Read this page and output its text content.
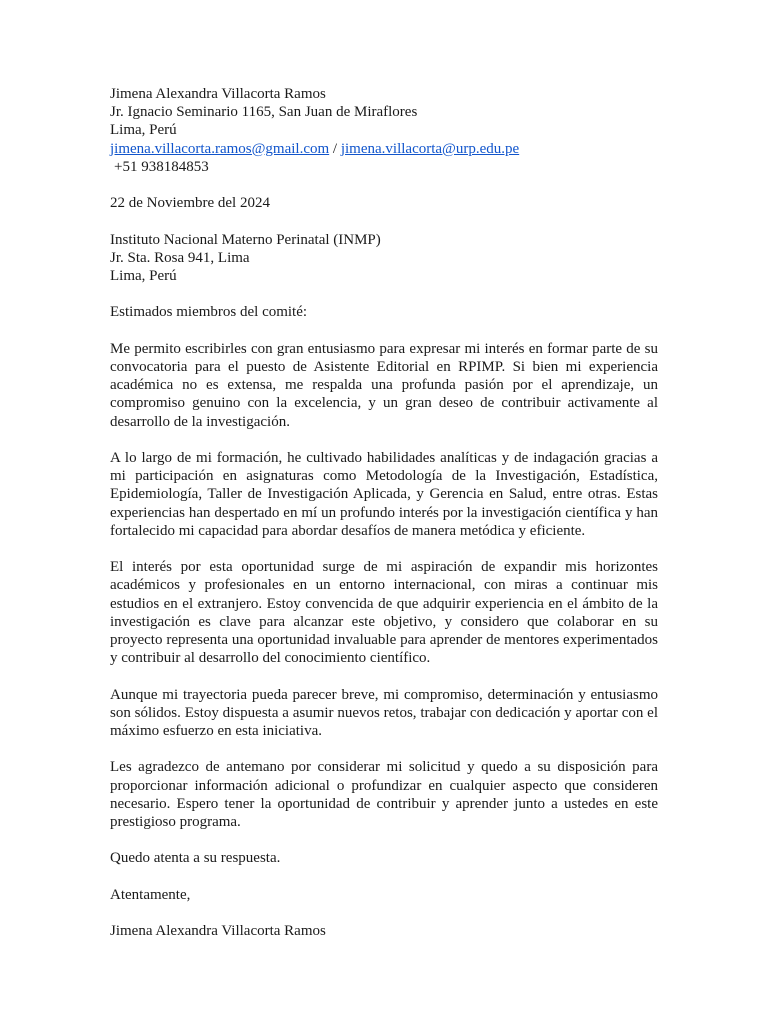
Jimena Alexandra Villacorta Ramos
Jr. Ignacio Seminario 1165, San Juan de Miraflores
Lima, Perú
jimena.villacorta.ramos@gmail.com / jimena.villacorta@urp.edu.pe
+51 938184853
22 de Noviembre del 2024
Instituto Nacional Materno Perinatal (INMP)
Jr. Sta. Rosa 941, Lima
Lima, Perú
Estimados miembros del comité:

Me permito escribirles con gran entusiasmo para expresar mi interés en formar parte de su convocatoria para el puesto de Asistente Editorial en RPIMP. Si bien mi experiencia académica no es extensa, me respalda una profunda pasión por el aprendizaje, un compromiso genuino con la excelencia, y un gran deseo de contribuir activamente al desarrollo de la investigación.

A lo largo de mi formación, he cultivado habilidades analíticas y de indagación gracias a mi participación en asignaturas como Metodología de la Investigación, Estadística, Epidemiología, Taller de Investigación Aplicada, y Gerencia en Salud, entre otras. Estas experiencias han despertado en mí un profundo interés por la investigación científica y han fortalecido mi capacidad para abordar desafíos de manera metódica y eficiente.

El interés por esta oportunidad surge de mi aspiración de expandir mis horizontes académicos y profesionales en un entorno internacional, con miras a continuar mis estudios en el extranjero. Estoy convencida de que adquirir experiencia en el ámbito de la investigación es clave para alcanzar este objetivo, y considero que colaborar en su proyecto representa una oportunidad invaluable para aprender de mentores experimentados y contribuir al desarrollo del conocimiento científico.

Aunque mi trayectoria pueda parecer breve, mi compromiso, determinación y entusiasmo son sólidos. Estoy dispuesta a asumir nuevos retos, trabajar con dedicación y aportar con el máximo esfuerzo en esta iniciativa.

Les agradezco de antemano por considerar mi solicitud y quedo a su disposición para proporcionar información adicional o profundizar en cualquier aspecto que consideren necesario. Espero tener la oportunidad de contribuir y aprender junto a ustedes en este prestigioso programa.

Quedo atenta a su respuesta.
Atentamente,
Jimena Alexandra Villacorta Ramos
